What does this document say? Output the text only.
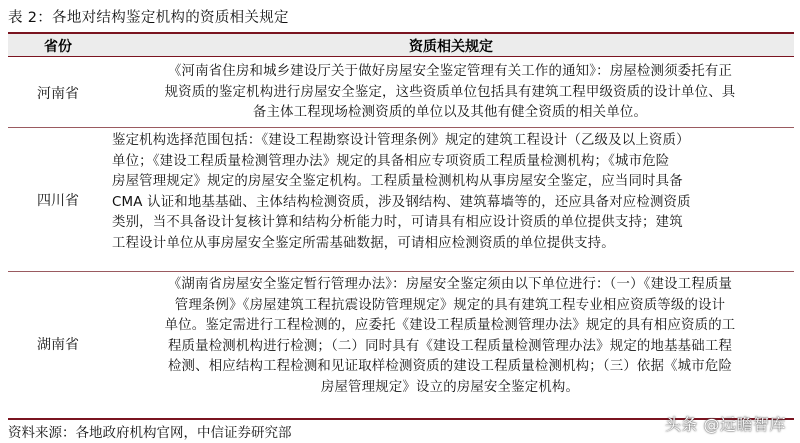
表 2：各地对结构鉴定机构的资质相关规定
省份	资质相关规定
河南省
《河南省住房和城乡建设厅关于做好房屋安全鉴定管理有关工作的通知》：房屋检测须委托有正
规资质的鉴定机构进行房屋安全鉴定，这些资质单位包括具有建筑工程甲级资质的设计单位、具
备主体工程现场检测资质的单位以及其他有健全资质的相关单位。
四川省
鉴定机构选择范围包括：《建设工程勘察设计管理条例》规定的建筑工程设计（乙级及以上资质）
单位；《建设工程质量检测管理办法》规定的具备相应专项资质工程质量检测机构；《城市危险
房屋管理规定》规定的房屋安全鉴定机构。工程质量检测机构从事房屋安全鉴定，应当同时具备
CMA 认证和地基基础、主体结构检测资质，涉及钢结构、建筑幕墙等的，还应具备对应检测资质
类别，当不具备设计复核计算和结构分析能力时，可请具有相应设计资质的单位提供支持；建筑
工程设计单位从事房屋安全鉴定所需基础数据，可请相应检测资质的单位提供支持。
湖南省
《湖南省房屋安全鉴定暂行管理办法》：房屋安全鉴定须由以下单位进行：（一）《建设工程质量
管理条例》《房屋建筑工程抗震设防管理规定》规定的具有建筑工程专业相应资质等级的设计
单位。鉴定需进行工程检测的，应委托《建设工程质量检测管理办法》规定的具有相应资质的工
程质量检测机构进行检测；（二）同时具有《建设工程质量检测管理办法》规定的地基基础工程
检测、相应结构工程检测和见证取样检测资质的建设工程质量检测机构；（三）依据《城市危险
房屋管理规定》设立的房屋安全鉴定机构。
资料来源：各地政府机构官网，中信证券研究部	头条 @远瞻智库
